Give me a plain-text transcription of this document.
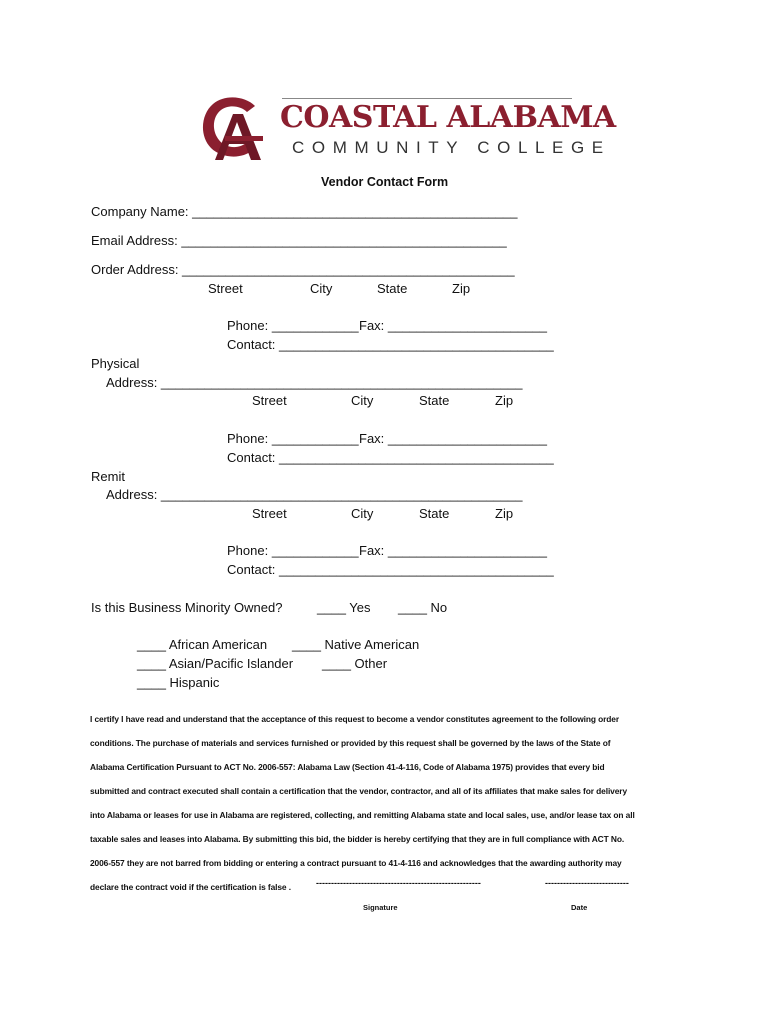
COASTAL ALABAMA
COMMUNITY COLLEGE
Vendor Contact Form
Company Name: _____________________________________________
Email Address: _____________________________________________
Order Address: ______________________________________________
Street	City	State	Zip
Phone: ____________ Fax: ______________________
Contact: ______________________________________
Physical
Address: __________________________________________________
Street	City	State	Zip
Phone: ____________ Fax: ______________________
Contact: ______________________________________
Remit
Address: __________________________________________________
Street	City	State	Zip
Phone: ____________ Fax: ______________________
Contact: ______________________________________
Is this Business Minority Owned?	____ Yes ____ No
____ African American ____ Native American
____ Asian/Pacific Islander ____ Other
____ Hispanic
I certify I have read and understand that the acceptance of this request to become a vendor constitutes agreement to the following order
conditions. The purchase of materials and services furnished or provided by this request shall be governed by the laws of the State of
Alabama Certification Pursuant to ACT No. 2006-557: Alabama Law (Section 41-4-116, Code of Alabama 1975) provides that every bid
submitted and contract executed shall contain a certification that the vendor, contractor, and all of its affiliates that make sales for delivery
into Alabama or leases for use in Alabama are registered, collecting, and remitting Alabama state and local sales, use, and/or lease tax on all
taxable sales and leases into Alabama. By submitting this bid, the bidder is hereby certifying that they are in full compliance with ACT No.
2006-557 they are not barred from bidding or entering a contract pursuant to 41-4-116 and acknowledges that the awarding authority may
declare the contract void if the certification is false .	-------------------------------------------------------	----------------------------
Signature	Date
